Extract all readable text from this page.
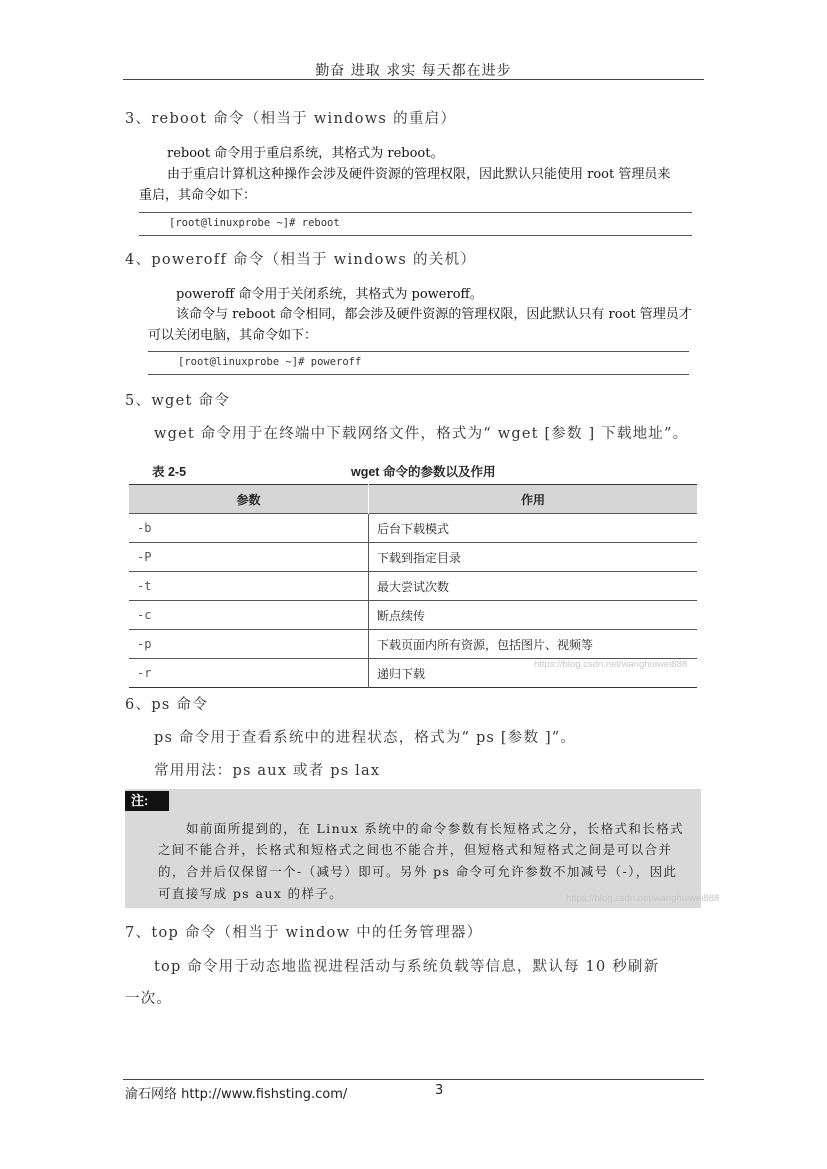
勤奋 进取 求实 每天都在进步
3、reboot 命令（相当于 windows 的重启）
reboot 命令用于重启系统，其格式为 reboot。
由于重启计算机这种操作会涉及硬件资源的管理权限，因此默认只能使用 root 管理员来
重启，其命令如下：
[root@linuxprobe ~]# reboot
4、poweroff 命令（相当于 windows 的关机）
poweroff 命令用于关闭系统，其格式为 poweroff。
该命令与 reboot 命令相同，都会涉及硬件资源的管理权限，因此默认只有 root 管理员才
可以关闭电脑，其命令如下：
[root@linuxprobe ~]# poweroff
5、wget 命令
wget 命令用于在终端中下载网络文件，格式为“ wget [参数 ] 下载地址”。
表 2-5	wget 命令的参数以及作用
参数	作用
-b	后台下载模式
-P	下载到指定目录
-t	最大尝试次数
-c	断点续传
-p	下载页面内所有资源，包括图片、视频等
-r	递归下载
https://blog.csdn.net/wanghuiwei888
6、ps 命令
ps 命令用于查看系统中的进程状态，格式为“ ps [参数 ]”。
常用用法：ps aux 或者 ps lax
注:
如前面所提到的，在 Linux 系统中的命令参数有长短格式之分，长格式和长格式
之间不能合并，长格式和短格式之间也不能合并，但短格式和短格式之间是可以合并
的，合并后仅保留一个-（减号）即可。另外 ps 命令可允许参数不加减号（-），因此
可直接写成 ps aux 的样子。	https://blog.csdn.net/wanghuiwei888
7、top 命令（相当于 window 中的任务管理器）
top 命令用于动态地监视进程活动与系统负载等信息，默认每 10 秒刷新
一次。
渝石网络 http://www.fishsting.com/	3
